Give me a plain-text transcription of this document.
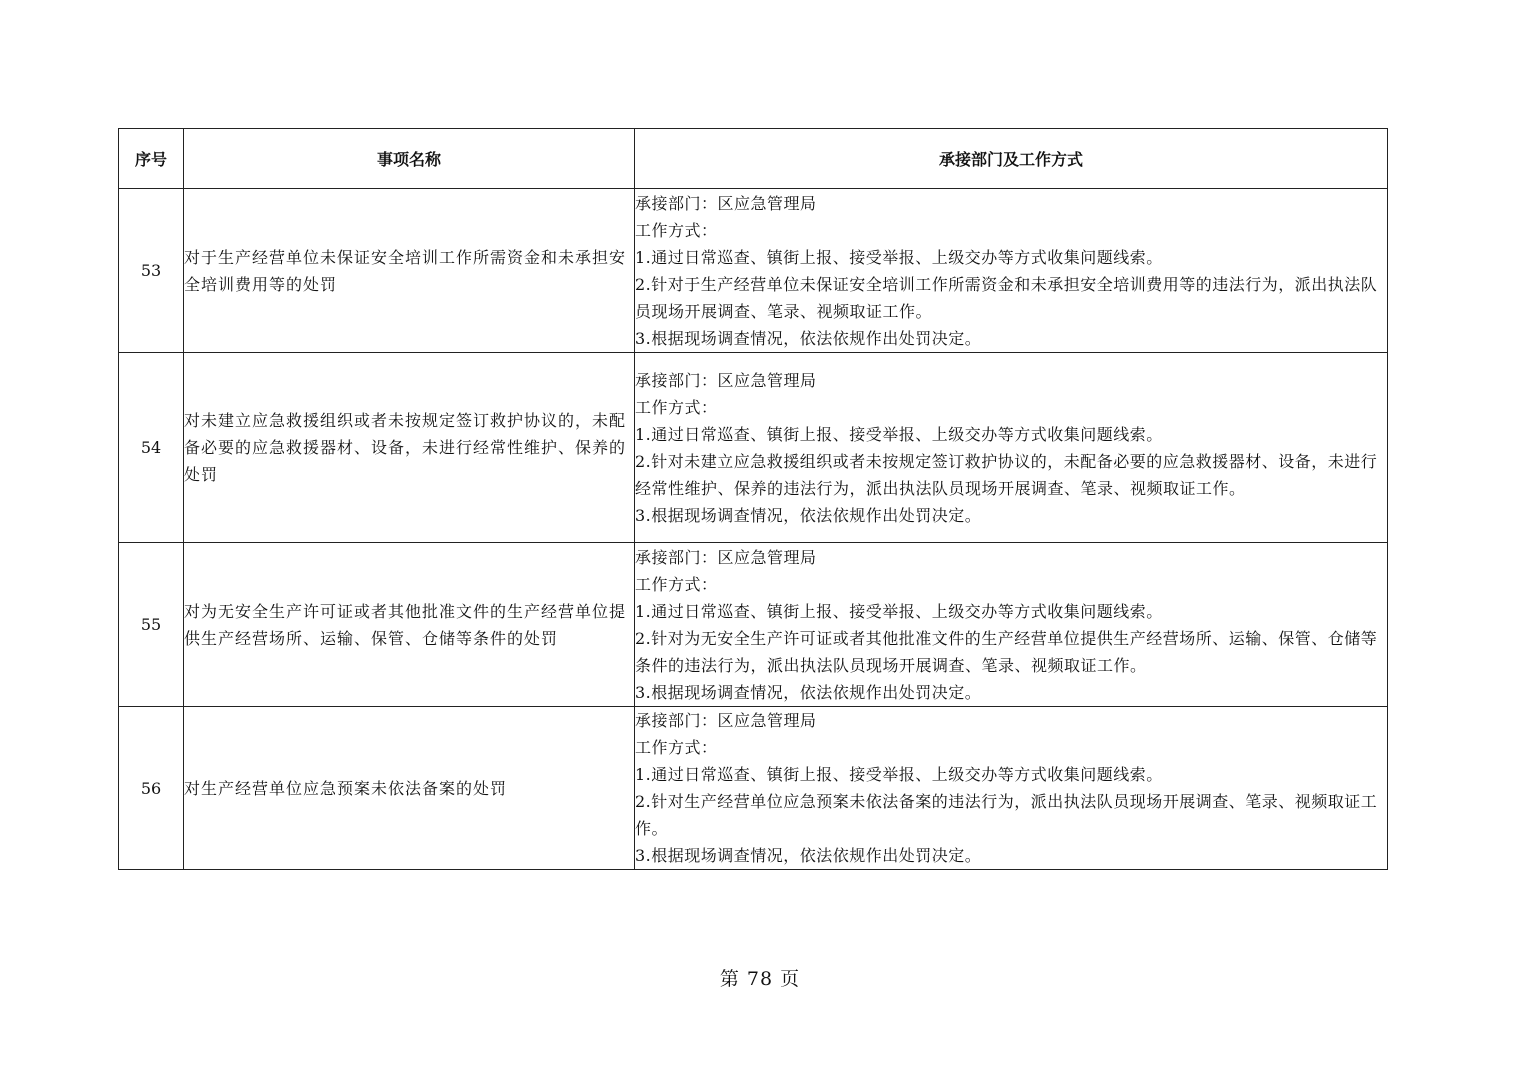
序号	事项名称	承接部门及工作方式
53	对于生产经营单位未保证安全培训工作所需资金和未承担安全培训费用等的处罚	承接部门：区应急管理局
工作方式：
1.通过日常巡查、镇街上报、接受举报、上级交办等方式收集问题线索。
2.针对于生产经营单位未保证安全培训工作所需资金和未承担安全培训费用等的违法行为，派出执法队员现场开展调查、笔录、视频取证工作。
3.根据现场调查情况，依法依规作出处罚决定。

54	对未建立应急救援组织或者未按规定签订救护协议的，未配备必要的应急救援器材、设备，未进行经常性维护、保养的处罚	承接部门：区应急管理局
工作方式：
1.通过日常巡查、镇街上报、接受举报、上级交办等方式收集问题线索。
2.针对未建立应急救援组织或者未按规定签订救护协议的，未配备必要的应急救援器材、设备，未进行经常性维护、保养的违法行为，派出执法队员现场开展调查、笔录、视频取证工作。
3.根据现场调查情况，依法依规作出处罚决定。

55	对为无安全生产许可证或者其他批准文件的生产经营单位提供生产经营场所、运输、保管、仓储等条件的处罚	承接部门：区应急管理局
工作方式：
1.通过日常巡查、镇街上报、接受举报、上级交办等方式收集问题线索。
2.针对为无安全生产许可证或者其他批准文件的生产经营单位提供生产经营场所、运输、保管、仓储等条件的违法行为，派出执法队员现场开展调查、笔录、视频取证工作。
3.根据现场调查情况，依法依规作出处罚决定。

56	对生产经营单位应急预案未依法备案的处罚	承接部门：区应急管理局
工作方式：
1.通过日常巡查、镇街上报、接受举报、上级交办等方式收集问题线索。
2.针对生产经营单位应急预案未依法备案的违法行为，派出执法队员现场开展调查、笔录、视频取证工作。
3.根据现场调查情况，依法依规作出处罚决定。
第 78 页
